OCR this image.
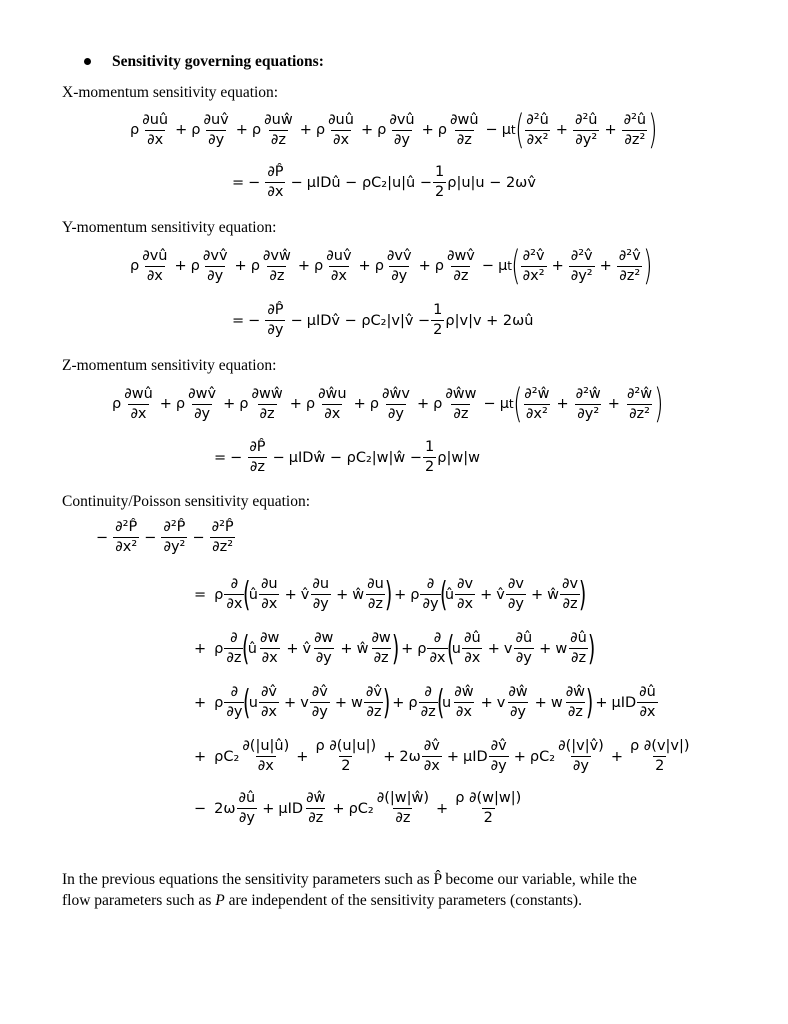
Sensitivity governing equations:
X-momentum sensitivity equation:
ρ $\frac{\partial uû}{\partial x} + \rho \frac{\partial uv̂}{\partial y} + \rho \frac{\partial uŵ}{\partial z} + \rho \frac{\partial uû}{\partial x} + \rho \frac{\partial vû}{\partial y} + \rho \frac{\partial wû}{\partial z} - \mu$ t ( $\frac{\text{∂²û}}{\text{∂x²}} + \frac{\text{∂²û}}{\text{∂y²}} + \frac{\text{∂²û}}{\text{∂z²}}$ )
= − $\frac{\partial P̂}{\partial x}$ − μIDû − ρC₂|u|û − $\frac{1}{2} \rho|u|u$ − 2ωv̂
Y-momentum sensitivity equation:
ρ $\frac{\partial vû}{\partial x} + \rho \frac{\partial vv̂}{\partial y} + \rho \frac{\partial vŵ}{\partial z} + \rho \frac{\partial uv̂}{\partial x} + \rho \frac{\partial vv̂}{\partial y} + \rho \frac{\partial wv̂}{\partial z} - \mu$ t ( $\frac{\text{∂²v̂}}{\text{∂x²}} + \frac{\text{∂²v̂}}{\text{∂y²}} + \frac{\text{∂²v̂}}{\text{∂z²}}$ )
= − $\frac{\partial P̂}{\partial y}$ − μIDv̂ − ρC₂|v|v̂ − $\frac{1}{2} \rho|v|v$ + 2ωû
Z-momentum sensitivity equation:
ρ $\frac{\partial wû}{\partial x} + \rho \frac{\partial wv̂}{\partial y} + \rho \frac{\partial wŵ}{\partial z} + \rho \frac{\partial ŵu}{\partial x} + \rho \frac{\partial ŵv}{\partial y} + \rho \frac{\partial ŵw}{\partial z} - \mu$ t ( $\frac{\text{∂²ŵ}}{\text{∂x²}} + \frac{\text{∂²ŵ}}{\text{∂y²}} + \frac{\text{∂²ŵ}}{\text{∂z²}}$ )
= − $\frac{\partial P̂}{\partial z}$ − μIDŵ − ρC₂|w|ŵ − $\frac{1}{2} \rho|w|w$
Continuity/Poisson sensitivity equation:
− $\frac{\text{∂²P̂}}{\text{∂x²}} - \frac{\text{∂²P̂}}{\text{∂y²}} - \frac{\text{∂²P̂}}{\text{∂z²}}$
= ρ $\frac{\partial}{\partial x}$
(
û $\frac{\partial u}{\partial x}$ + v̂ $\frac{\partial u}{\partial y}$ + ŵ $\frac{\partial u}{\partial z}$
) + ρ $\frac{\partial}{\partial y}$
(
û $\frac{\partial v}{\partial x}$ + v̂ $\frac{\partial v}{\partial y}$ + ŵ $\frac{\partial v}{\partial z}$
)
+ ρ $\frac{\partial}{\partial z}$
(
û $\frac{\partial w}{\partial x}$ + v̂ $\frac{\partial w}{\partial y}$ + ŵ $\frac{\partial w}{\partial z}$
) + ρ $\frac{\partial}{\partial x}$
(
u $\frac{\partial û}{\partial x} + v \frac{\partial û}{\partial y} + w \frac{\partial û}{\partial z}$
)
+ ρ $\frac{\partial}{\partial y}$
(
u $\frac{\partial v̂}{\partial x} + v \frac{\partial v̂}{\partial y} + w \frac{\partial v̂}{\partial z}$
) + ρ $\frac{\partial}{\partial z}$
(
u $\frac{\partial ŵ}{\partial x} + v \frac{\partial ŵ}{\partial y} + w \frac{\partial ŵ}{\partial z}$
) + μID $\frac{\partial û}{\partial x}$
+ $\rho C_2 \frac{\partial(|u|û)}{\partial x} + \frac{\rho \partial(u|u|)}{2} + 2\omega \frac{\partial v̂}{\partial x} + \mu ID \frac{\partial v̂}{\partial y} + \rho C_2 \frac{\partial(|v|v̂)}{\partial y} + \frac{\rho \partial(v|v|)}{2}$
− $2\omega \frac{\partial û}{\partial y} + \mu ID \frac{\partial ŵ}{\partial z} + \rho C_2 \frac{\partial(|w|ŵ)}{\partial z} + \frac{\rho \partial(w|w|)}{2}$
In the previous equations the sensitivity parameters such as P̂ become our variable, while the
flow parameters such as P are independent of the sensitivity parameters (constants).
